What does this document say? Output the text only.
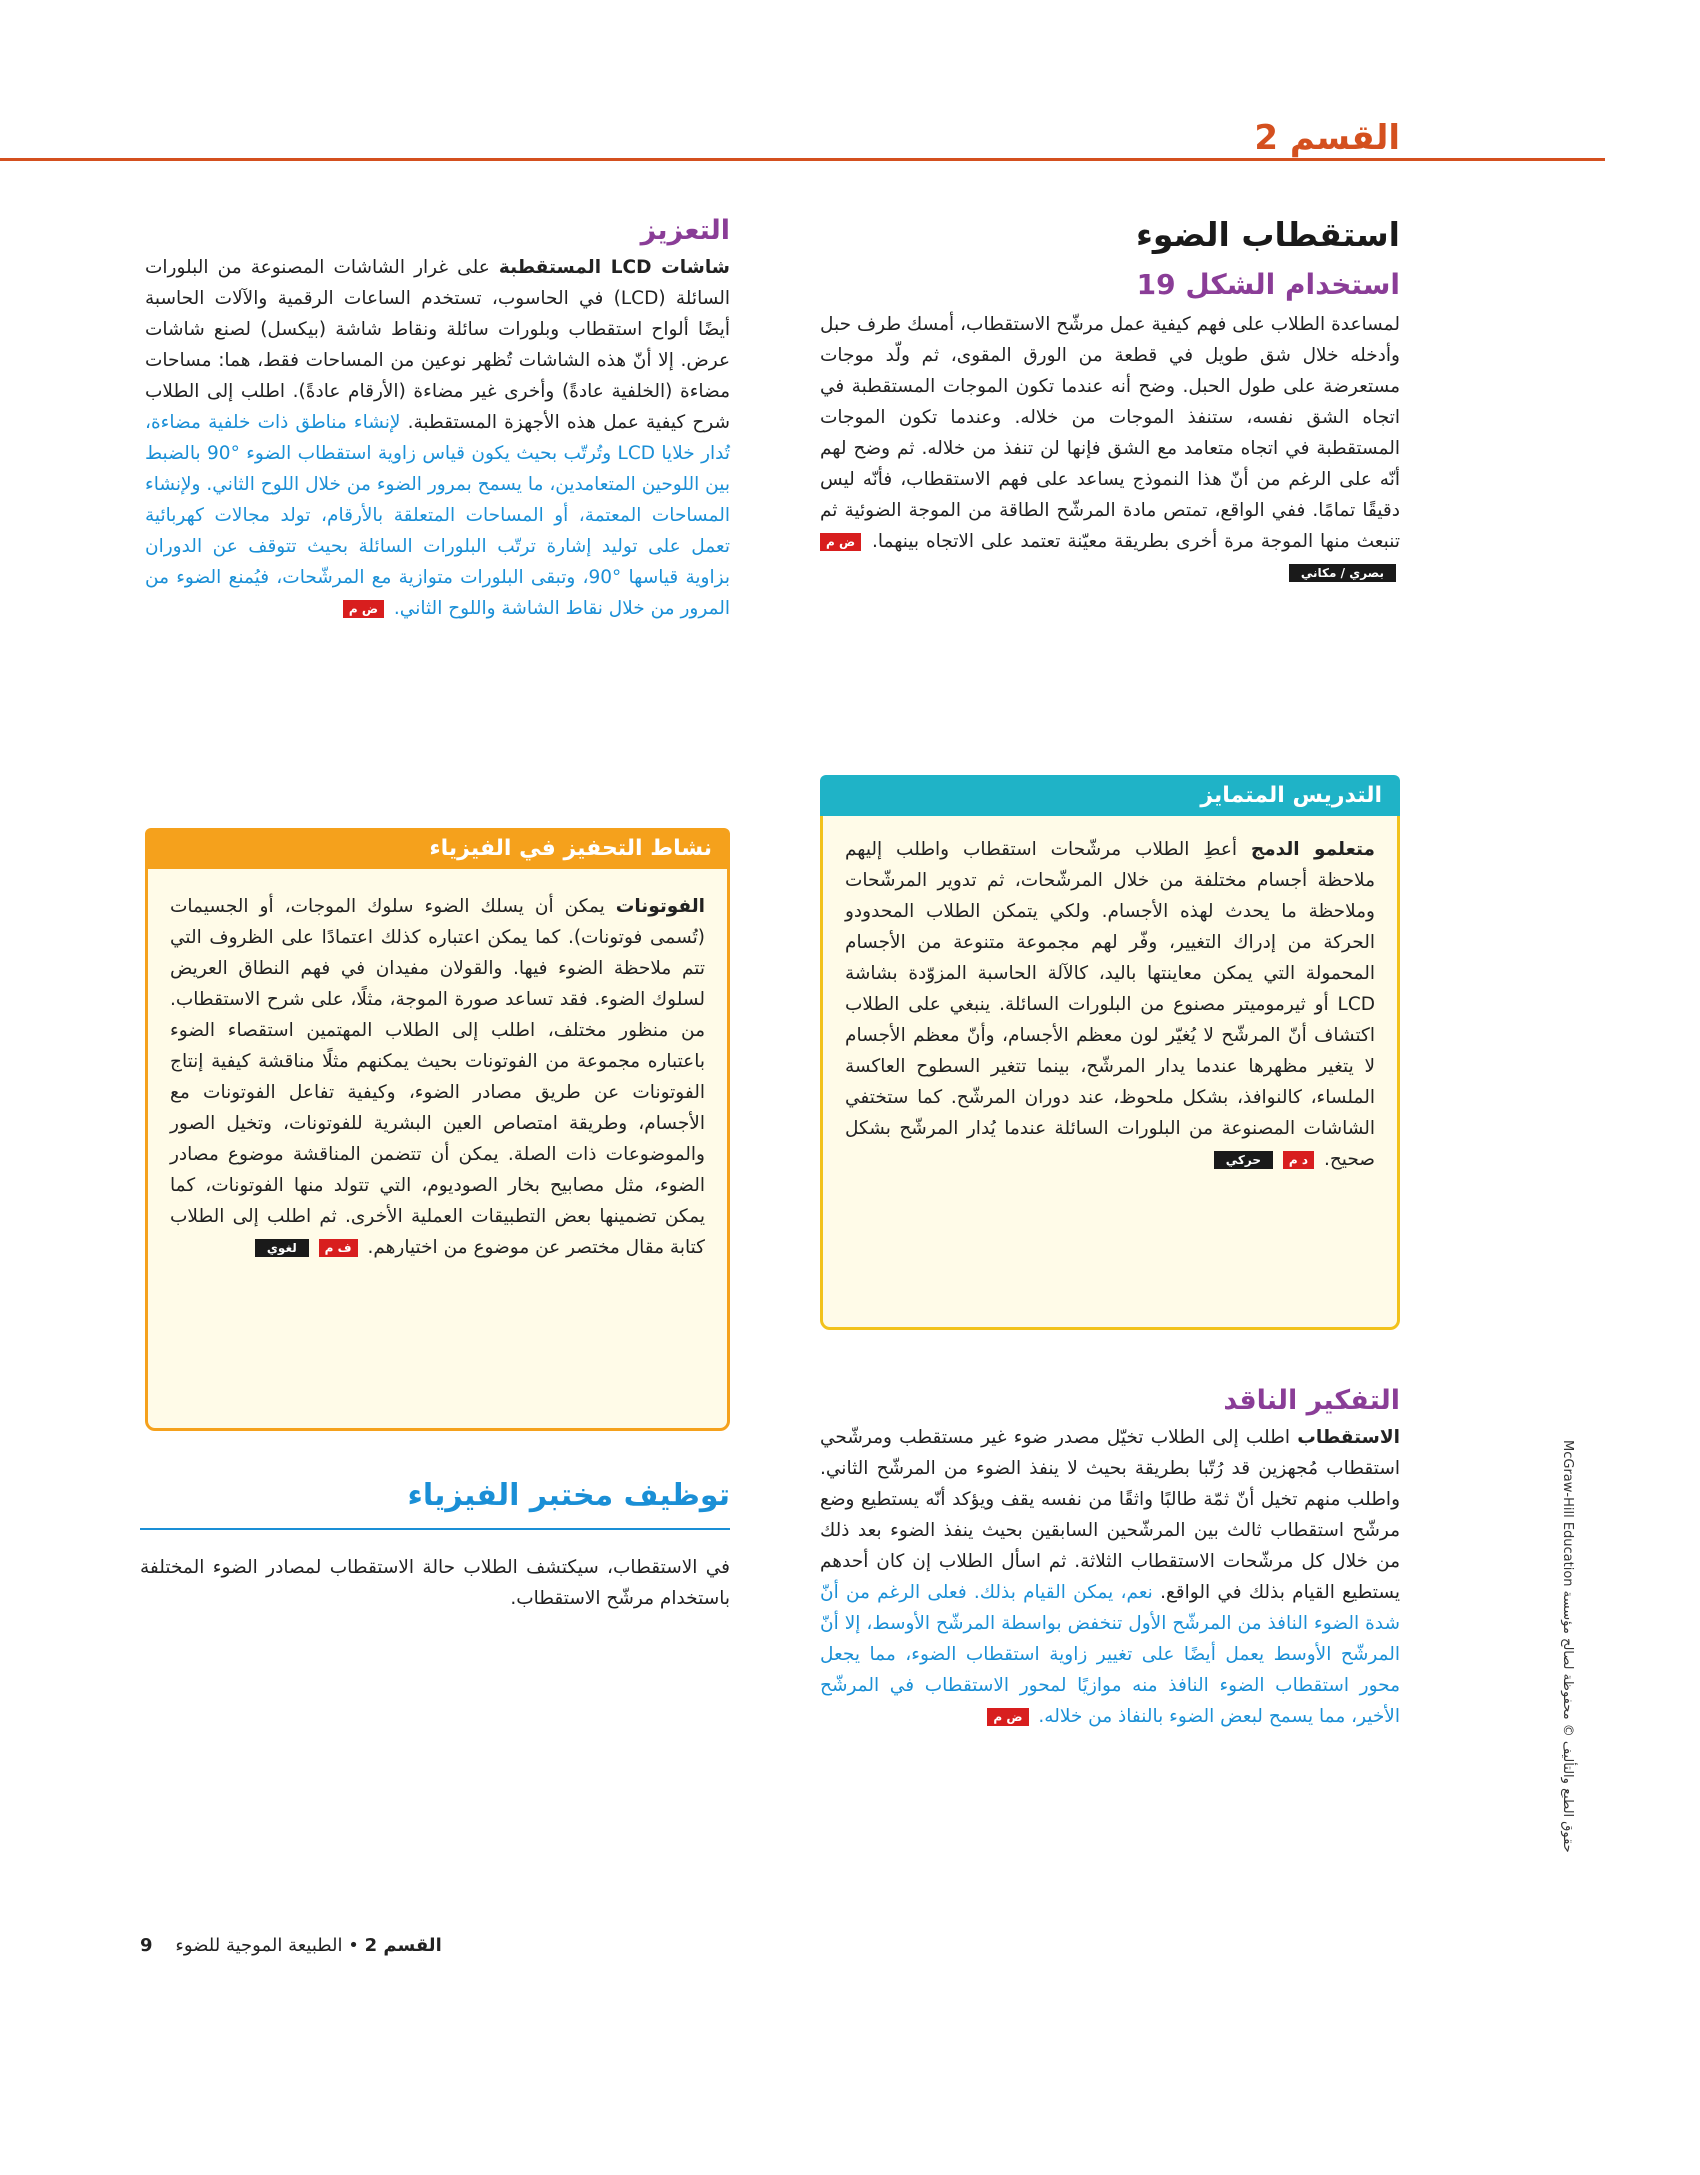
القسم 2
استقطاب الضوء
استخدام الشكل 19

لمساعدة الطلاب على فهم كيفية عمل مرشّح الاستقطاب، أمسك طرف حبل وأدخله خلال شق طويل في قطعة من الورق المقوى، ثم ولّد موجات مستعرضة على طول الحبل. وضح أنه عندما تكون الموجات المستقطبة في اتجاه الشق نفسه، ستنفذ الموجات من خلاله. وعندما تكون الموجات المستقطبة في اتجاه متعامد مع الشق فإنها لن تنفذ من خلاله. ثم وضح لهم أنّه على الرغم من أنّ هذا النموذج يساعد على فهم الاستقطاب، فأنّه ليس دقيقًا تمامًا. ففي الواقع، تمتص مادة المرشّح الطاقة من الموجة الضوئية ثم تنبعث منها الموجة مرة أخرى بطريقة معيّنة تعتمد على الاتجاه بينهما. ض م بصري / مكاني

التدريس المتمايز

متعلمو الدمج أعطِ الطلاب مرشّحات استقطاب واطلب إليهم ملاحظة أجسام مختلفة من خلال المرشّحات، ثم تدوير المرشّحات وملاحظة ما يحدث لهذه الأجسام. ولكي يتمكن الطلاب المحدودو الحركة من إدراك التغيير، وفّر لهم مجموعة متنوعة من الأجسام المحمولة التي يمكن معاينتها باليد، كالآلة الحاسبة المزوّدة بشاشة LCD أو ثيرموميتر مصنوع من البلورات السائلة. ينبغي على الطلاب اكتشاف أنّ المرشّح لا يُغيّر لون معظم الأجسام، وأنّ معظم الأجسام لا يتغير مظهرها عندما يدار المرشّح، بينما تتغير السطوح العاكسة الملساء، كالنوافذ، بشكل ملحوظ، عند دوران المرشّح. كما ستختفي الشاشات المصنوعة من البلورات السائلة عندما يُدار المرشّح بشكل صحيح. د م حركي

التفكير الناقد

الاستقطاب اطلب إلى الطلاب تخيّل مصدر ضوء غير مستقطب ومرشّحي استقطاب مُجهزين قد رُتّبا بطريقة بحيث لا ينفذ الضوء من المرشّح الثاني. واطلب منهم تخيل أنّ ثمّة طالبًا واثقًا من نفسه يقف ويؤكد أنّه يستطيع وضع مرشّح استقطاب ثالث بين المرشّحين السابقين بحيث ينفذ الضوء بعد ذلك من خلال كل مرشّحات الاستقطاب الثلاثة. ثم اسأل الطلاب إن كان أحدهم يستطيع القيام بذلك في الواقع. نعم، يمكن القيام بذلك. فعلى الرغم من أنّ شدة الضوء النافذ من المرشّح الأول تنخفض بواسطة المرشّح الأوسط، إلا أنّ المرشّح الأوسط يعمل أيضًا على تغيير زاوية استقطاب الضوء، مما يجعل محور استقطاب الضوء النافذ منه موازيًا لمحور الاستقطاب في المرشّح الأخير، مما يسمح لبعض الضوء بالنفاذ من خلاله. ض م

التعزيز

شاشات LCD المستقطبة على غرار الشاشات المصنوعة من البلورات السائلة (LCD) في الحاسوب، تستخدم الساعات الرقمية والآلات الحاسبة أيضًا ألواح استقطاب وبلورات سائلة ونقاط شاشة (بيكسل) لصنع شاشات عرض. إلا أنّ هذه الشاشات تُظهر نوعين من المساحات فقط، هما: مساحات مضاءة (الخلفية عادةً) وأخرى غير مضاءة (الأرقام عادةً). اطلب إلى الطلاب شرح كيفية عمل هذه الأجهزة المستقطبة. لإنشاء مناطق ذات خلفية مضاءة، تُدار خلايا LCD وتُرتّب بحيث يكون قياس زاوية استقطاب الضوء °90 بالضبط بين اللوحين المتعامدين، ما يسمح بمرور الضوء من خلال اللوح الثاني. ولإنشاء المساحات المعتمة، أو المساحات المتعلقة بالأرقام، تولد مجالات كهربائية تعمل على توليد إشارة ترتّب البلورات السائلة بحيث تتوقف عن الدوران بزاوية قياسها °90، وتبقى البلورات متوازية مع المرشّحات، فيُمنع الضوء من المرور من خلال نقاط الشاشة واللوح الثاني. ض م

نشاط التحفيز في الفيزياء

الفوتونات يمكن أن يسلك الضوء سلوك الموجات، أو الجسيمات (تُسمى فوتونات). كما يمكن اعتباره كذلك اعتمادًا على الظروف التي تتم ملاحظة الضوء فيها. والقولان مفيدان في فهم النطاق العريض لسلوك الضوء. فقد تساعد صورة الموجة، مثلًا، على شرح الاستقطاب. من منظور مختلف، اطلب إلى الطلاب المهتمين استقصاء الضوء باعتباره مجموعة من الفوتونات بحيث يمكنهم مثلًا مناقشة كيفية إنتاج الفوتونات عن طريق مصادر الضوء، وكيفية تفاعل الفوتونات مع الأجسام، وطريقة امتصاص العين البشرية للفوتونات، وتخيل الصور والموضوعات ذات الصلة. يمكن أن تتضمن المناقشة موضوع مصادر الضوء، مثل مصابيح بخار الصوديوم، التي تتولد منها الفوتونات، كما يمكن تضمينها بعض التطبيقات العملية الأخرى. ثم اطلب إلى الطلاب كتابة مقال مختصر عن موضوع من اختيارهم. ف م لغوي

توظيف مختبر الفيزياء

في الاستقطاب، سيكتشف الطلاب حالة الاستقطاب لمصادر الضوء المختلفة باستخدام مرشّح الاستقطاب.

حقوق الطبع والتأليف © محفوظة لصالح مؤسسة McGraw-Hill Education
القسم 2 • الطبيعة الموجية للضوء    9
